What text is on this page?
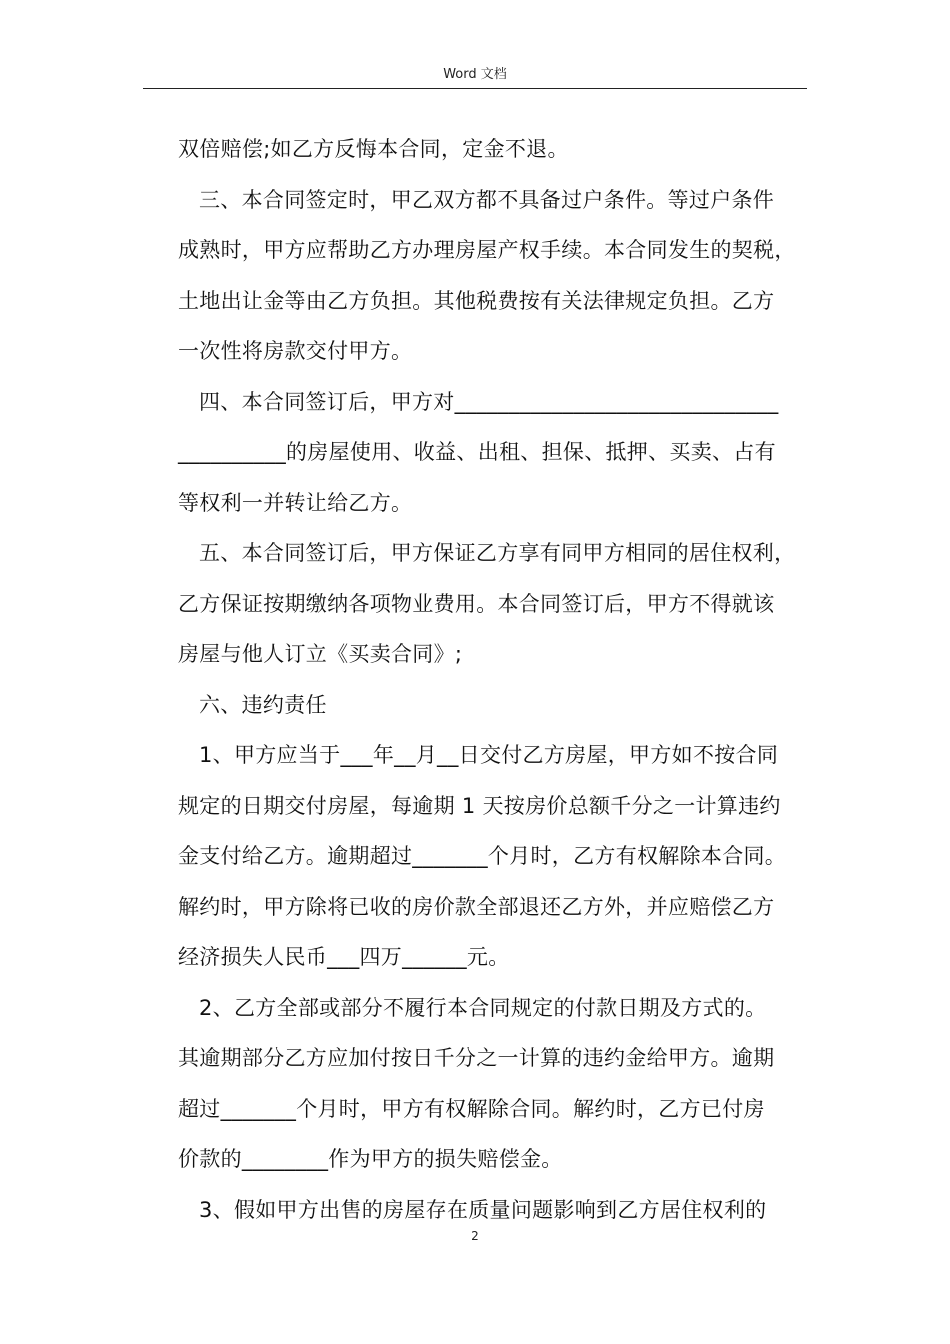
Word 文档
双倍赔偿;如乙方反悔本合同，定金不退。
三、本合同签定时，甲乙双方都不具备过户条件。等过户条件
成熟时，甲方应帮助乙方办理房屋产权手续。本合同发生的契税，
土地出让金等由乙方负担。其他税费按有关法律规定负担。乙方
一次性将房款交付甲方。
四、本合同签订后，甲方对______________________________
__________的房屋使用、收益、出租、担保、抵押、买卖、占有
等权利一并转让给乙方。
五、本合同签订后，甲方保证乙方享有同甲方相同的居住权利，
乙方保证按期缴纳各项物业费用。本合同签订后，甲方不得就该
房屋与他人订立《买卖合同》;
六、违约责任
1、甲方应当于___年__月__日交付乙方房屋，甲方如不按合同
规定的日期交付房屋，每逾期 1 天按房价总额千分之一计算违约
金支付给乙方。逾期超过_______个月时，乙方有权解除本合同。
解约时，甲方除将已收的房价款全部退还乙方外，并应赔偿乙方
经济损失人民币___四万______元。
2、乙方全部或部分不履行本合同规定的付款日期及方式的。
其逾期部分乙方应加付按日千分之一计算的违约金给甲方。逾期
超过_______个月时，甲方有权解除合同。解约时，乙方已付房
价款的________作为甲方的损失赔偿金。
3、假如甲方出售的房屋存在质量问题影响到乙方居住权利的
2
